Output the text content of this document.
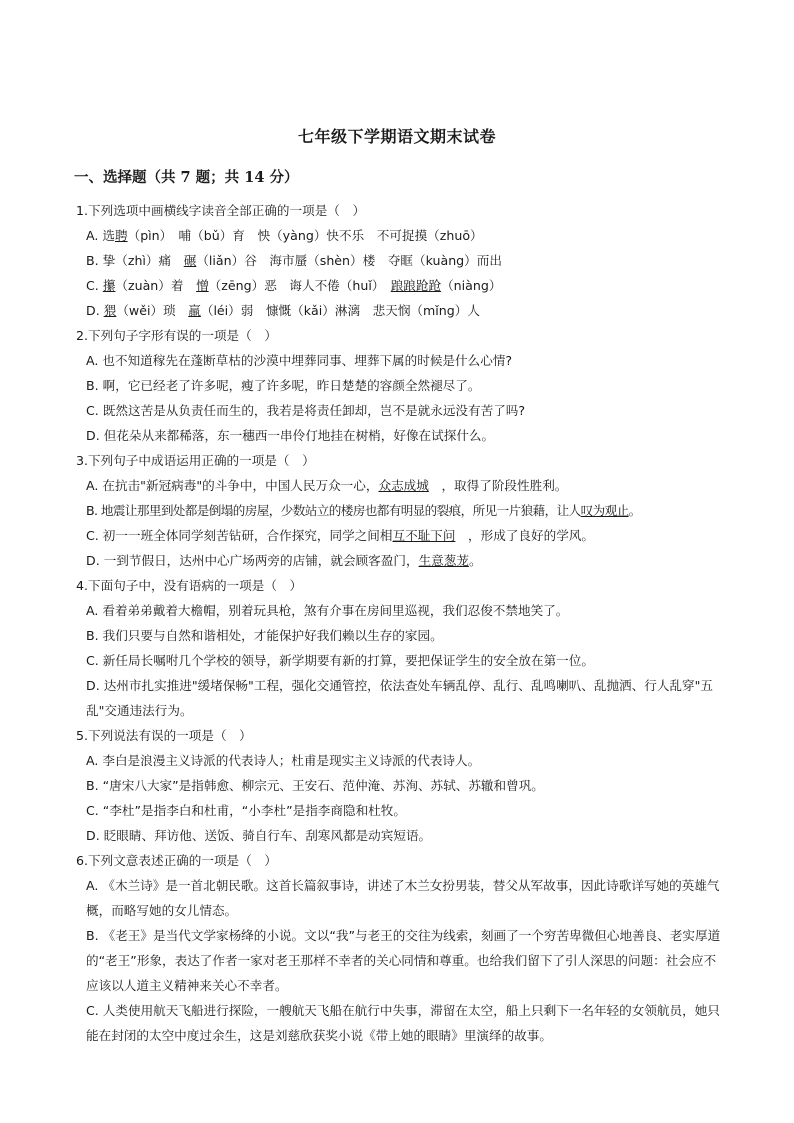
七年级下学期语文期末试卷
一、选择题（共 7 题；共 14 分）
1.下列选项中画横线字读音全部正确的一项是（　）
A. 选聘（pìn）　哺（bǔ）育　怏（yàng）快不乐　不可捉摸（zhuō）
B. 挚（zhì）痛　碾（liǎn）谷　海市蜃（shèn）楼　夺眶（kuàng）而出
C. 攥（zuàn）着　憎（zēng）恶　诲人不倦（huǐ）　踉踉跄跄（niàng）
D. 猥（wěi）琐　羸（léi）弱　慷慨（kǎi）淋漓　悲天悯（mǐng）人
2.下列句子字形有误的一项是（　）
A. 也不知道稼先在蓬断草枯的沙漠中埋葬同事、埋葬下属的时候是什么心情?
B. 啊，它已经老了许多呢，瘦了许多呢，昨日楚楚的容颜全然褪尽了。
C. 既然这苦是从负责任而生的，我若是将责任卸却，岂不是就永远没有苦了吗?
D. 但花朵从来都稀落，东一穗西一串伶仃地挂在树梢，好像在试探什么。
3.下列句子中成语运用正确的一项是（　）
A. 在抗击"新冠病毒"的斗争中，中国人民万众一心，众志成城　，取得了阶段性胜利。
B. 地震让那里到处都是倒塌的房屋，少数站立的楼房也都有明显的裂痕，所见一片狼藉，让人叹为观止。
C. 初一一班全体同学刻苦钻研，合作探究，同学之间相互不耻下问　，形成了良好的学风。
D. 一到节假日，达州中心广场两旁的店铺，就会顾客盈门，生意葱茏。
4.下面句子中，没有语病的一项是（　）
A. 看着弟弟戴着大檐帽，别着玩具枪，煞有介事在房间里巡视，我们忍俊不禁地笑了。
B. 我们只要与自然和谐相处，才能保护好我们赖以生存的家园。
C. 新任局长嘱咐几个学校的领导，新学期要有新的打算，要把保证学生的安全放在第一位。
D. 达州市扎实推进"缓堵保畅"工程，强化交通管控，依法查处车辆乱停、乱行、乱鸣喇叭、乱抛洒、行人乱穿"五乱"交通违法行为。
5.下列说法有误的一项是（　）
A. 李白是浪漫主义诗派的代表诗人；杜甫是现实主义诗派的代表诗人。
B. “唐宋八大家”是指韩愈、柳宗元、王安石、范仲淹、苏洵、苏轼、苏辙和曾巩。
C. “李杜”是指李白和杜甫，“小李杜”是指李商隐和杜牧。
D. 眨眼睛、拜访他、送饭、骑自行车、刮寒风都是动宾短语。
6.下列文意表述正确的一项是（　）
A. 《木兰诗》是一首北朝民歌。这首长篇叙事诗，讲述了木兰女扮男装，替父从军故事，因此诗歌详写她的英雄气概，而略写她的女儿情态。
B. 《老王》是当代文学家杨绛的小说。文以“我”与老王的交往为线索，刻画了一个穷苦卑微但心地善良、老实厚道的“老王”形象，表达了作者一家对老王那样不幸者的关心同情和尊重。也给我们留下了引人深思的问题：社会应不应该以人道主义精神来关心不幸者。
C. 人类使用航天飞船进行探险，一艘航天飞船在航行中失事，滞留在太空，船上只剩下一名年轻的女领航员，她只能在封闭的太空中度过余生，这是刘慈欣获奖小说《带上她的眼睛》里演绎的故事。
